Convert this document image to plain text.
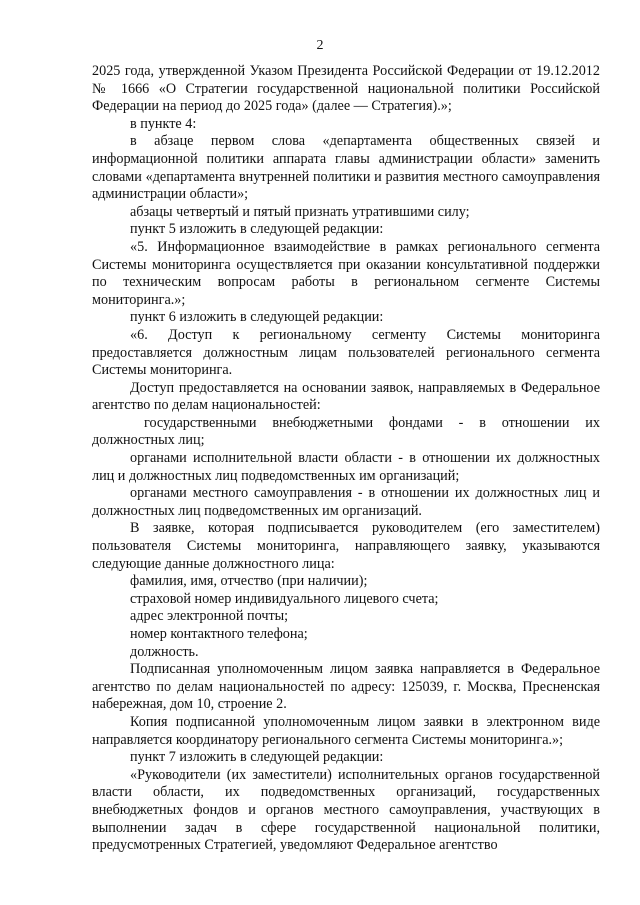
2

2025 года, утвержденной Указом Президента Российской Федерации от 19.12.2012 № 1666 «О Стратегии государственной национальной политики Российской Федерации на период до 2025 года» (далее — Стратегия).»;

в пункте 4:

в абзаце первом слова «департамента общественных связей и информационной политики аппарата главы администрации области» заменить словами «департамента внутренней политики и развития местного самоуправления администрации области»;

абзацы четвертый и пятый признать утратившими силу;

пункт 5 изложить в следующей редакции:

«5. Информационное взаимодействие в рамках регионального сегмента Системы мониторинга осуществляется при оказании консультативной поддержки по техническим вопросам работы в региональном сегменте Системы мониторинга.»;

пункт 6 изложить в следующей редакции:

«6. Доступ к региональному сегменту Системы мониторинга предоставляется должностным лицам пользователей регионального сегмента Системы мониторинга.

Доступ предоставляется на основании заявок, направляемых в Федеральное агентство по делам национальностей:

государственными внебюджетными фондами - в отношении их должностных лиц;

органами исполнительной власти области - в отношении их должностных лиц и должностных лиц подведомственных им организаций;

органами местного самоуправления - в отношении их должностных лиц и должностных лиц подведомственных им организаций.

В заявке, которая подписывается руководителем (его заместителем) пользователя Системы мониторинга, направляющего заявку, указываются следующие данные должностного лица:

фамилия, имя, отчество (при наличии);

страховой номер индивидуального лицевого счета;

адрес электронной почты;

номер контактного телефона;

должность.

Подписанная уполномоченным лицом заявка направляется в Федеральное агентство по делам национальностей по адресу: 125039, г. Москва, Пресненская набережная, дом 10, строение 2.

Копия подписанной уполномоченным лицом заявки в электронном виде направляется координатору регионального сегмента Системы мониторинга.»;

пункт 7 изложить в следующей редакции:

«Руководители (их заместители) исполнительных органов государственной власти области, их подведомственных организаций, государственных внебюджетных фондов и органов местного самоуправления, участвующих в выполнении задач в сфере государственной национальной политики, предусмотренных Стратегией, уведомляют Федеральное агентство
